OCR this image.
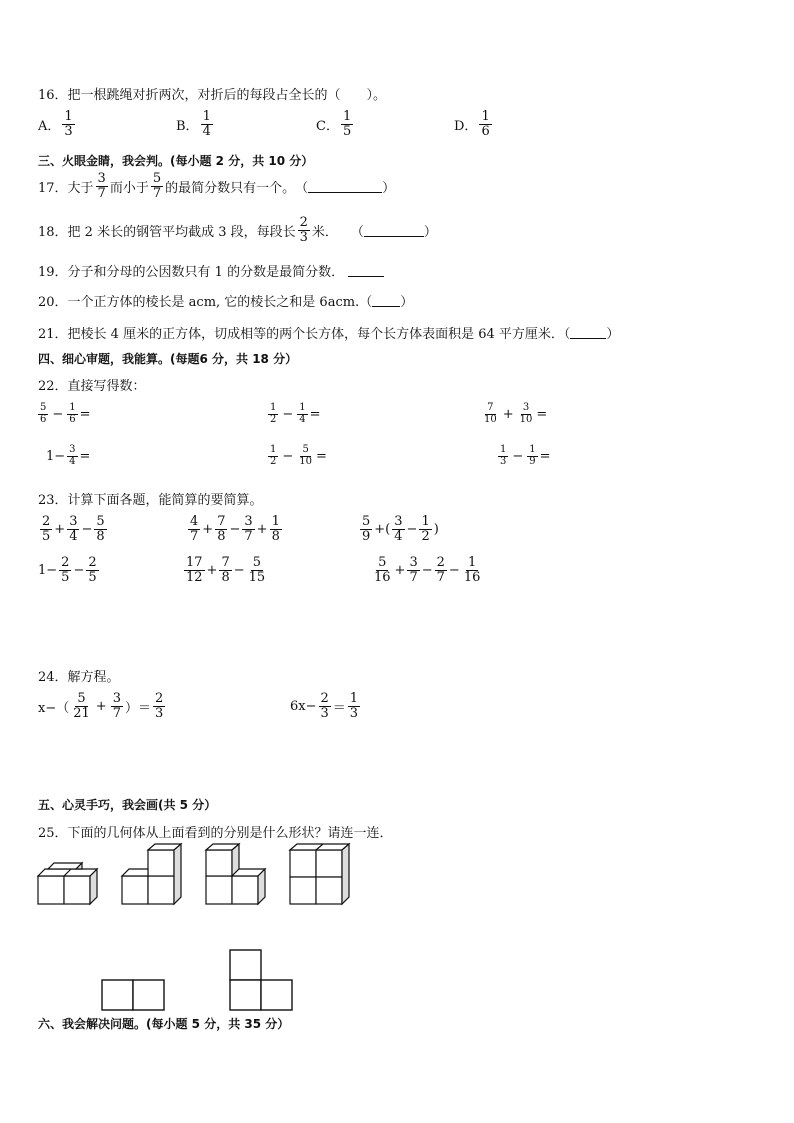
16．把一根跳绳对折两次，对折后的每段占全长的（　　）。
A． $\frac{1}{3}$	B． $\frac{1}{4}$	C． $\frac{1}{5}$	D． $\frac{1}{6}$
三、火眼金睛，我会判。(每小题 2 分，共 10 分）
17．大于 $\frac{3}{7}$ 而小于 $\frac{5}{7}$ 的最简分数只有一个。　（	）
18．把 2 米长的钢管平均截成 3 段，每段长 $\frac{2}{3}$ 米．　　（	）
19．分子和分母的公因数只有 1 的分数是最简分数．
20．一个正方体的棱长是 acm, 它的棱长之和是 6acm.（ ）
21．把棱长 4 厘米的正方体，切成相等的两个长方体，每个长方体表面积是 64 平方厘米．（	）
四、细心审题，我能算。(每题6 分，共 18 分）
22．直接写得数：
$\frac{5}{6} - \frac{1}{6}$ =	$\frac{1}{2} - \frac{1}{4}$ =	$\frac{7}{10} + \frac{3}{10}$ =
$1- \frac{3}{4}$ =	$\frac{1}{2} - \frac{5}{10}$ =	$\frac{1}{3} - \frac{1}{9}$ =
23．计算下面各题，能简算的要简算。
$\frac{2}{5} + \frac{3}{4} - \frac{5}{8}$	$\frac{4}{7} + \frac{7}{8} - \frac{3}{7} + \frac{1}{8}$	$\frac{5}{9}$ +( $\frac{3}{4} - \frac{1}{2}$ )
$1- \frac{2}{5} - \frac{2}{5}$	$\frac{17}{12} + \frac{7}{8} - \frac{5}{15}$	$\frac{5}{16} + \frac{3}{7} - \frac{2}{7} - \frac{1}{16}$
24．解方程。
$x-( \frac{5}{21} + \frac{3}{7}$ ）＝ $\frac{2}{3}$	$6x- \frac{2}{3} = \frac{1}{3}$
五、心灵手巧，我会画(共 5 分）
25．下面的几何体从上面看到的分别是什么形状？请连一连．
六、我会解决问题。(每小题 5 分，共 35 分）
